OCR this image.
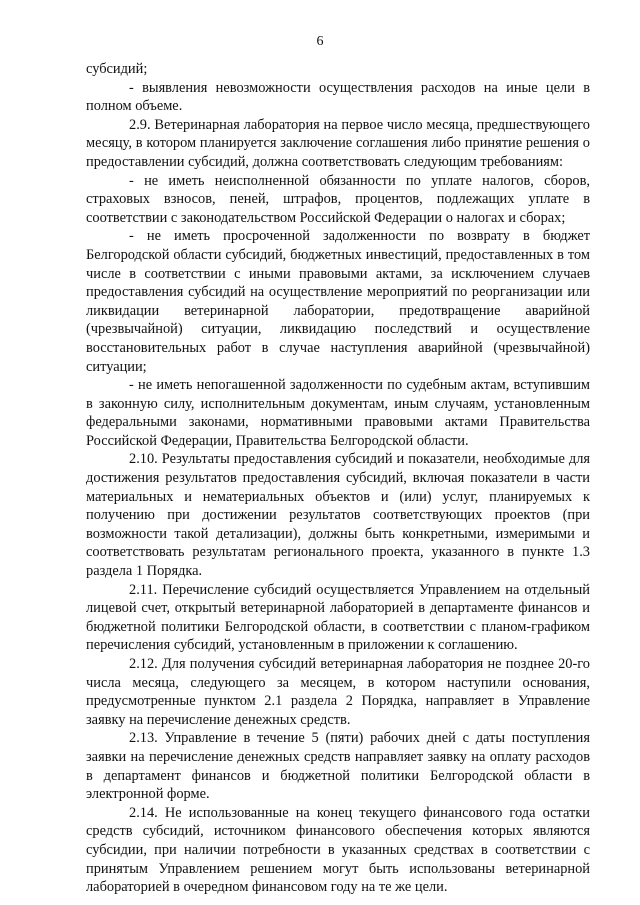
6

субсидий;

- выявления невозможности осуществления расходов на иные цели в полном объеме.

2.9. Ветеринарная лаборатория на первое число месяца, предшествующего месяцу, в котором планируется заключение соглашения либо принятие решения о предоставлении субсидий, должна соответствовать следующим требованиям:

- не иметь неисполненной обязанности по уплате налогов, сборов, страховых взносов, пеней, штрафов, процентов, подлежащих уплате в соответствии с законодательством Российской Федерации о налогах и сборах;

- не иметь просроченной задолженности по возврату в бюджет Белгородской области субсидий, бюджетных инвестиций, предоставленных в том числе в соответствии с иными правовыми актами, за исключением случаев предоставления субсидий на осуществление мероприятий по реорганизации или ликвидации ветеринарной лаборатории, предотвращение аварийной (чрезвычайной) ситуации, ликвидацию последствий и осуществление восстановительных работ в случае наступления аварийной (чрезвычайной) ситуации;

- не иметь непогашенной задолженности по судебным актам, вступившим в законную силу, исполнительным документам, иным случаям, установленным федеральными законами, нормативными правовыми актами Правительства Российской Федерации, Правительства Белгородской области.

2.10. Результаты предоставления субсидий и показатели, необходимые для достижения результатов предоставления субсидий, включая показатели в части материальных и нематериальных объектов и (или) услуг, планируемых к получению при достижении результатов соответствующих проектов (при возможности такой детализации), должны быть конкретными, измеримыми и соответствовать результатам регионального проекта, указанного в пункте 1.3 раздела 1 Порядка.

2.11. Перечисление субсидий осуществляется Управлением на отдельный лицевой счет, открытый ветеринарной лабораторией в департаменте финансов и бюджетной политики Белгородской области, в соответствии с планом-графиком перечисления субсидий, установленным в приложении к соглашению.

2.12. Для получения субсидий ветеринарная лаборатория не позднее 20-го числа месяца, следующего за месяцем, в котором наступили основания, предусмотренные пунктом 2.1 раздела 2 Порядка, направляет в Управление заявку на перечисление денежных средств.

2.13. Управление в течение 5 (пяти) рабочих дней с даты поступления заявки на перечисление денежных средств направляет заявку на оплату расходов в департамент финансов и бюджетной политики Белгородской области в электронной форме.

2.14. Не использованные на конец текущего финансового года остатки средств субсидий, источником финансового обеспечения которых являются субсидии, при наличии потребности в указанных средствах в соответствии с принятым Управлением решением могут быть использованы ветеринарной лабораторией в очередном финансовом году на те же цели.
